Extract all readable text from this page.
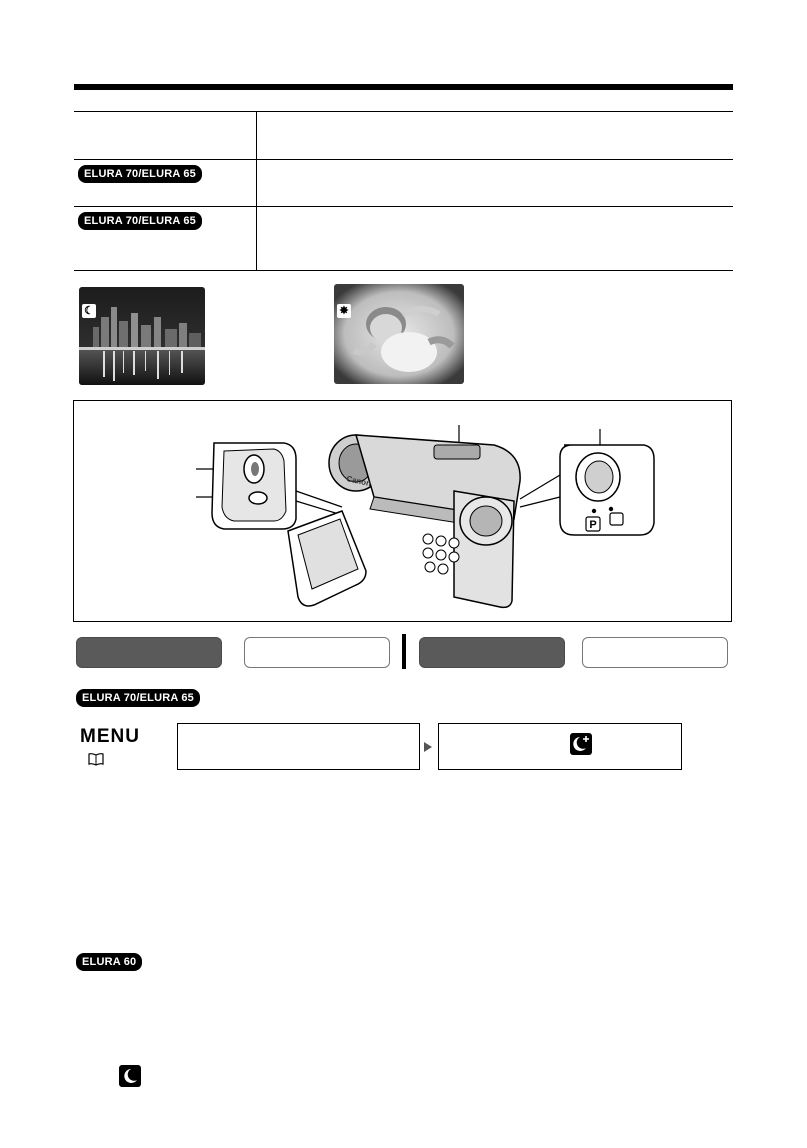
ELURA 70/ELURA 65
ELURA 70/ELURA 65
☾	✸
Canon
P
ELURA 70/ELURA 65
MENU
ELURA 60
